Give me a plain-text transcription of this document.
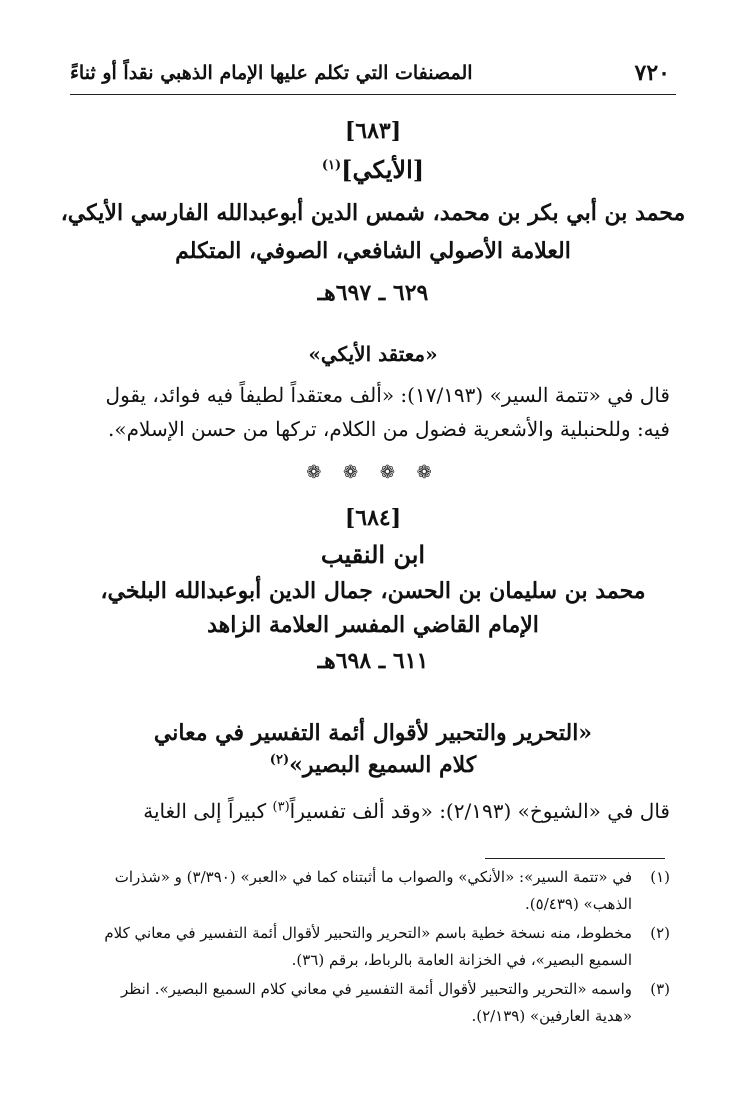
٧٢٠
المصنفات التي تكلم عليها الإمام الذهبي نقداً أو ثناءً
[٦٨٣]
[الأيكي]$^{(١)}$
محمد بن أبي بكر بن محمد، شمس الدين أبوعبدالله الفارسي الأيكي،
العلامة الأصولي الشافعي، الصوفي، المتكلم
٦٢٩ ـ ٦٩٧هـ
«معتقد الأيكي»
قال في «تتمة السير» (١٧/١٩٣): «ألف معتقداً لطيفاً فيه فوائد، يقول
فيه: وللحنبلية والأشعرية فضول من الكلام، تركها من حسن الإسلام».
❁ ❁ ❁ ❁
[٦٨٤]
ابن النقيب
محمد بن سليمان بن الحسن، جمال الدين أبوعبدالله البلخي،
الإمام القاضي المفسر العلامة الزاهد
٦١١ ـ ٦٩٨هـ
«التحرير والتحبير لأقوال أئمة التفسير في معاني
كلام السميع البصير»$^{(٢)}$
قال في «الشيوخ» (٢/١٩٣): «وقد ألف تفسيراً$^{(٣)}$ كبيراً إلى الغاية
(١)
في «تتمة السير»: «الأنكي» والصواب ما أثبتناه كما في «العبر» (٣/٣٩٠) و «شذرات
الذهب» (٥/٤٣٩).
(٢)
مخطوط، منه نسخة خطية باسم «التحرير والتحبير لأقوال أئمة التفسير في معاني كلام
السميع البصير»، في الخزانة العامة بالرباط، برقم (٣٦).
(٣)
واسمه «التحرير والتحبير لأقوال أئمة التفسير في معاني كلام السميع البصير». انظر
«هدية العارفين» (٢/١٣٩).
